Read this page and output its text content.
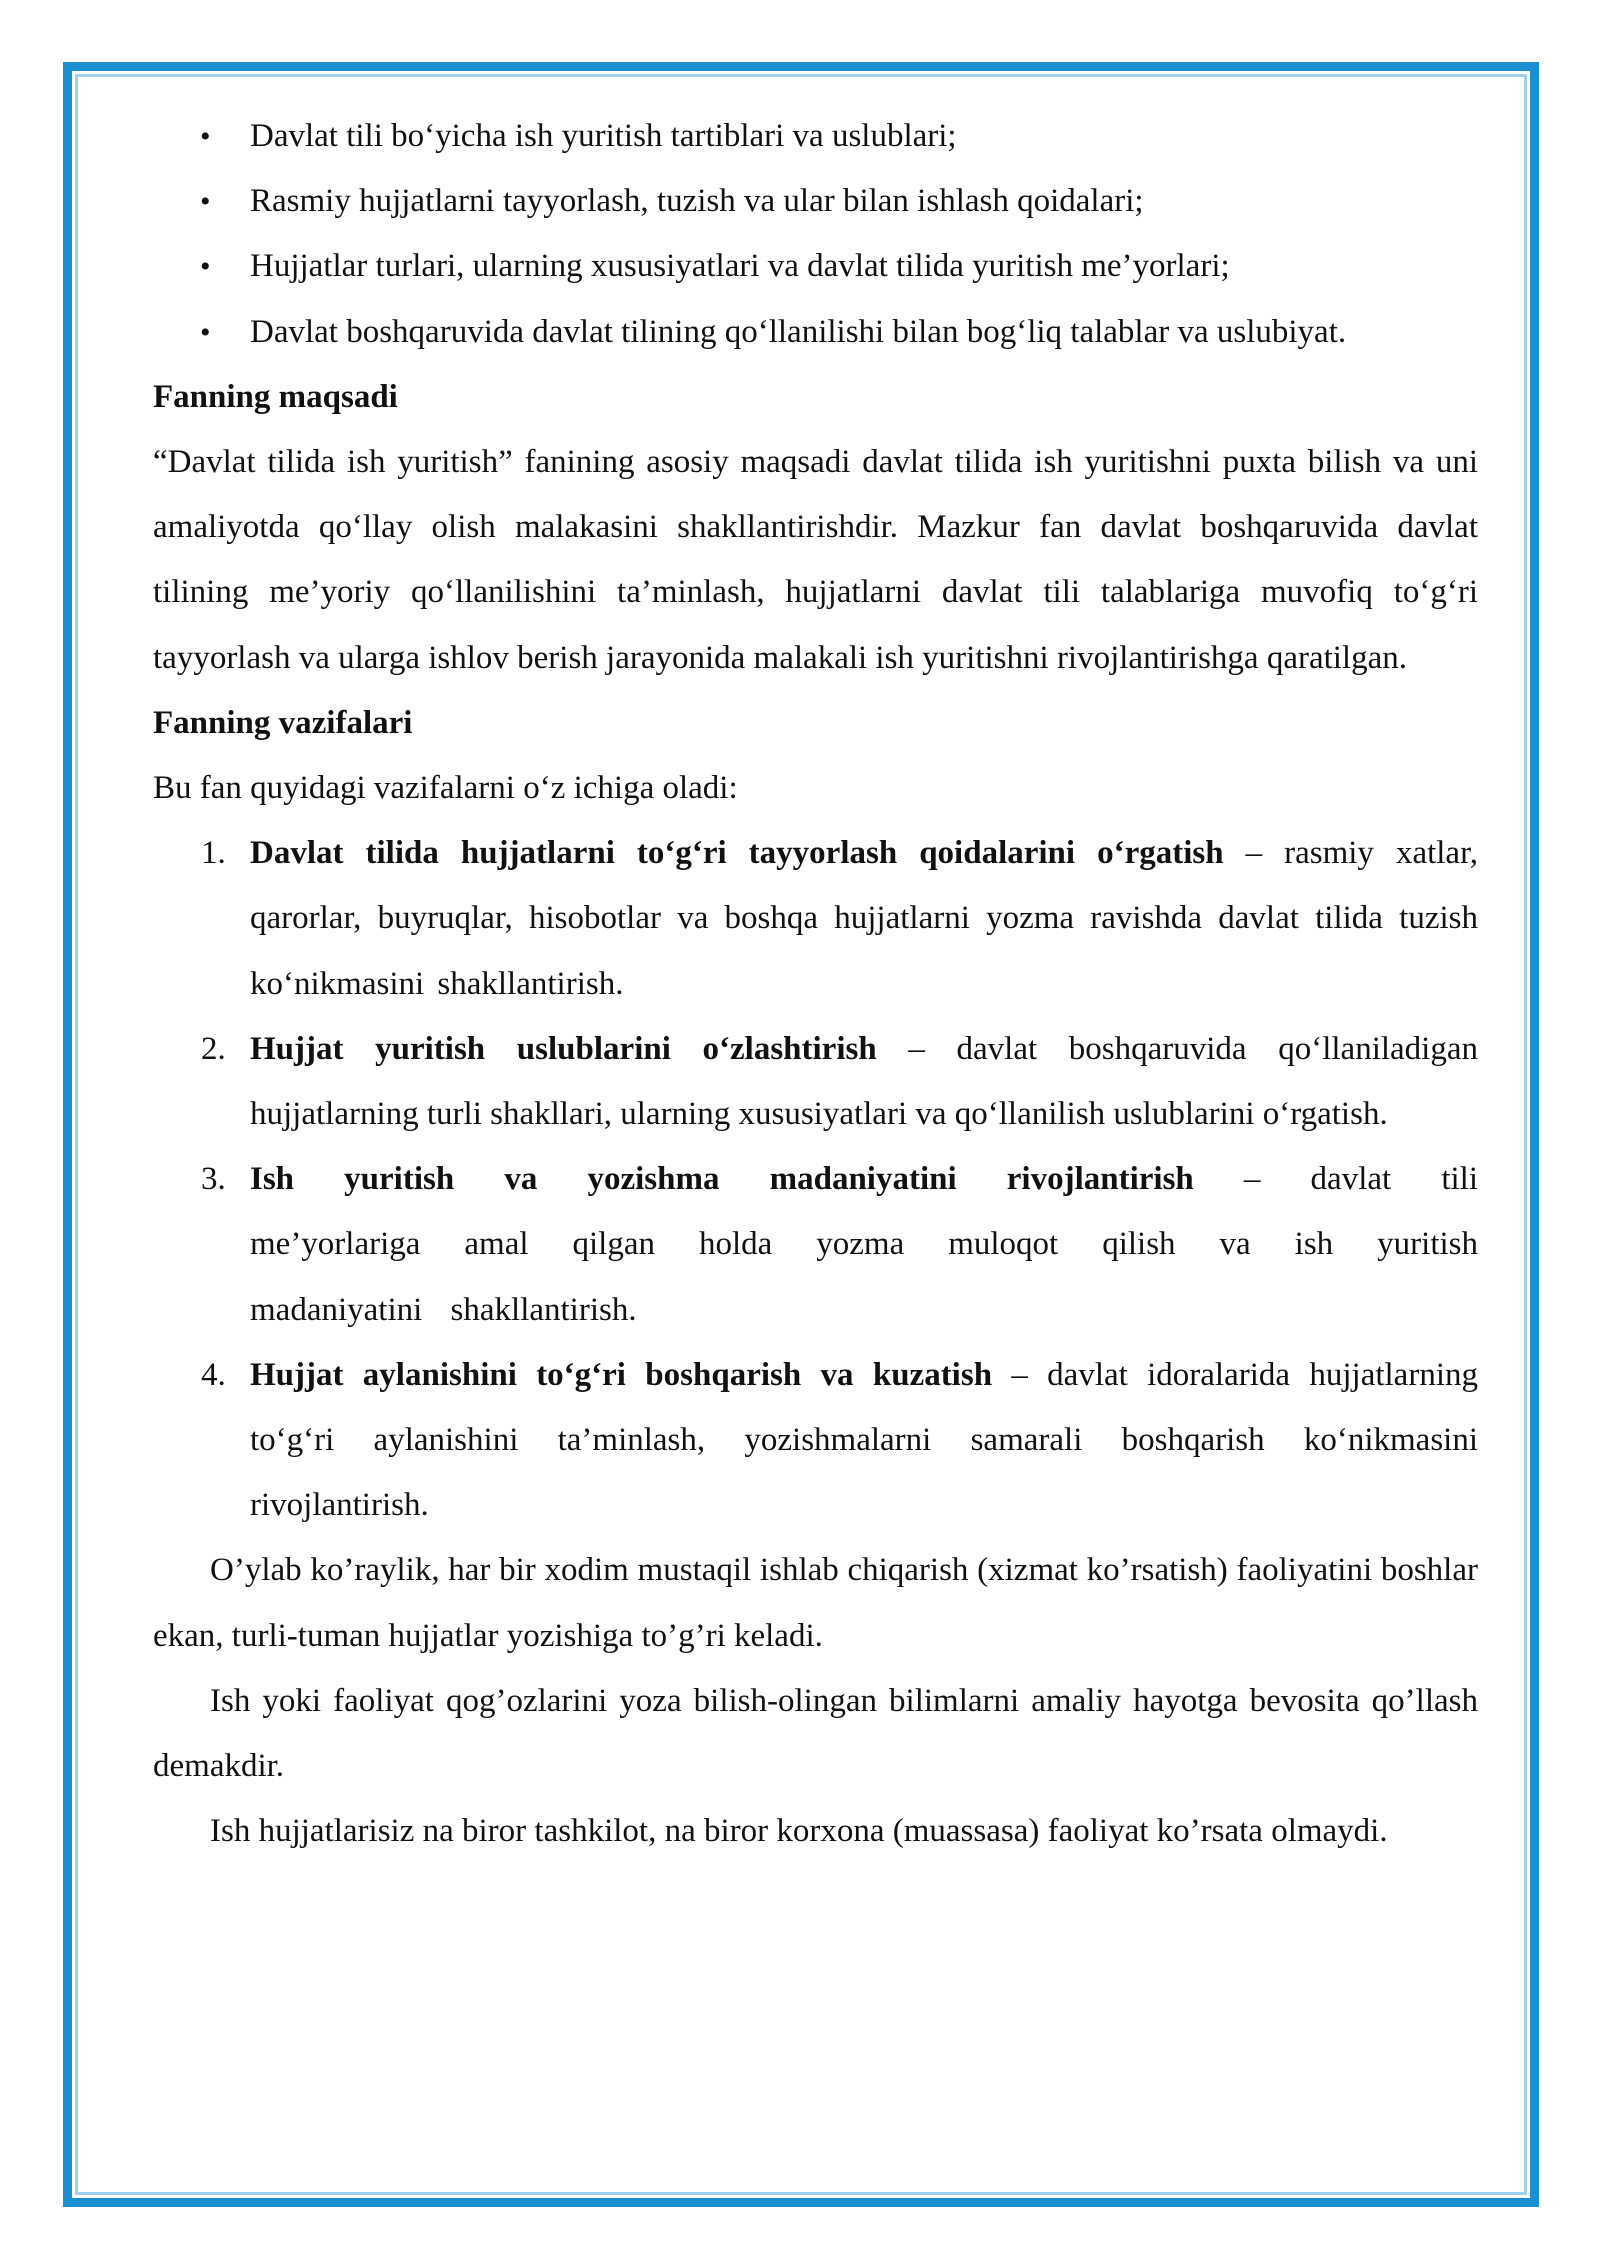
• Davlat tili bo‘yicha ish yuritish tartiblari va uslublari;
• Rasmiy hujjatlarni tayyorlash, tuzish va ular bilan ishlash qoidalari;
• Hujjatlar turlari, ularning xususiyatlari va davlat tilida yuritish me’yorlari;
• Davlat boshqaruvida davlat tilining qo‘llanilishi bilan bog‘liq talablar va uslubiyat.

Fanning maqsadi

“Davlat tilida ish yuritish” fanining asosiy maqsadi davlat tilida ish yuritishni puxta bilish va uni amaliyotda qo‘llay olish malakasini shakllantirishdir. Mazkur fan davlat boshqaruvida davlat tilining me’yoriy qo‘llanilishini ta’minlash, hujjatlarni davlat tili talablariga muvofiq to‘g‘ri tayyorlash va ularga ishlov berish jarayonida malakali ish yuritishni rivojlantirishga qaratilgan.

Fanning vazifalari

Bu fan quyidagi vazifalarni o‘z ichiga oladi:

1. Davlat tilida hujjatlarni to‘g‘ri tayyorlash qoidalarini o‘rgatish – rasmiy xatlar, qarorlar, buyruqlar, hisobotlar va boshqa hujjatlarni yozma ravishda davlat tilida tuzish ko‘nikmasini shakllantirish.
2. Hujjat yuritish uslublarini o‘zlashtirish – davlat boshqaruvida qo‘llaniladigan hujjatlarning turli shakllari, ularning xususiyatlari va qo‘llanilish uslublarini o‘rgatish.
3. Ish yuritish va yozishma madaniyatini rivojlantirish – davlat tili me’yorlariga amal qilgan holda yozma muloqot qilish va ish yuritish madaniyatini shakllantirish.
4. Hujjat aylanishini to‘g‘ri boshqarish va kuzatish – davlat idoralarida hujjatlarning to‘g‘ri aylanishini ta’minlash, yozishmalarni samarali boshqarish ko‘nikmasini rivojlantirish.

O’ylab ko’raylik, har bir xodim mustaqil ishlab chiqarish (xizmat ko’rsatish) faoliyatini boshlar ekan, turli-tuman hujjatlar yozishiga to’g’ri keladi.

Ish yoki faoliyat qog’ozlarini yoza bilish-olingan bilimlarni amaliy hayotga bevosita qo’llash demakdir.

Ish hujjatlarisiz na biror tashkilot, na biror korxona (muassasa) faoliyat ko’rsata olmaydi.
